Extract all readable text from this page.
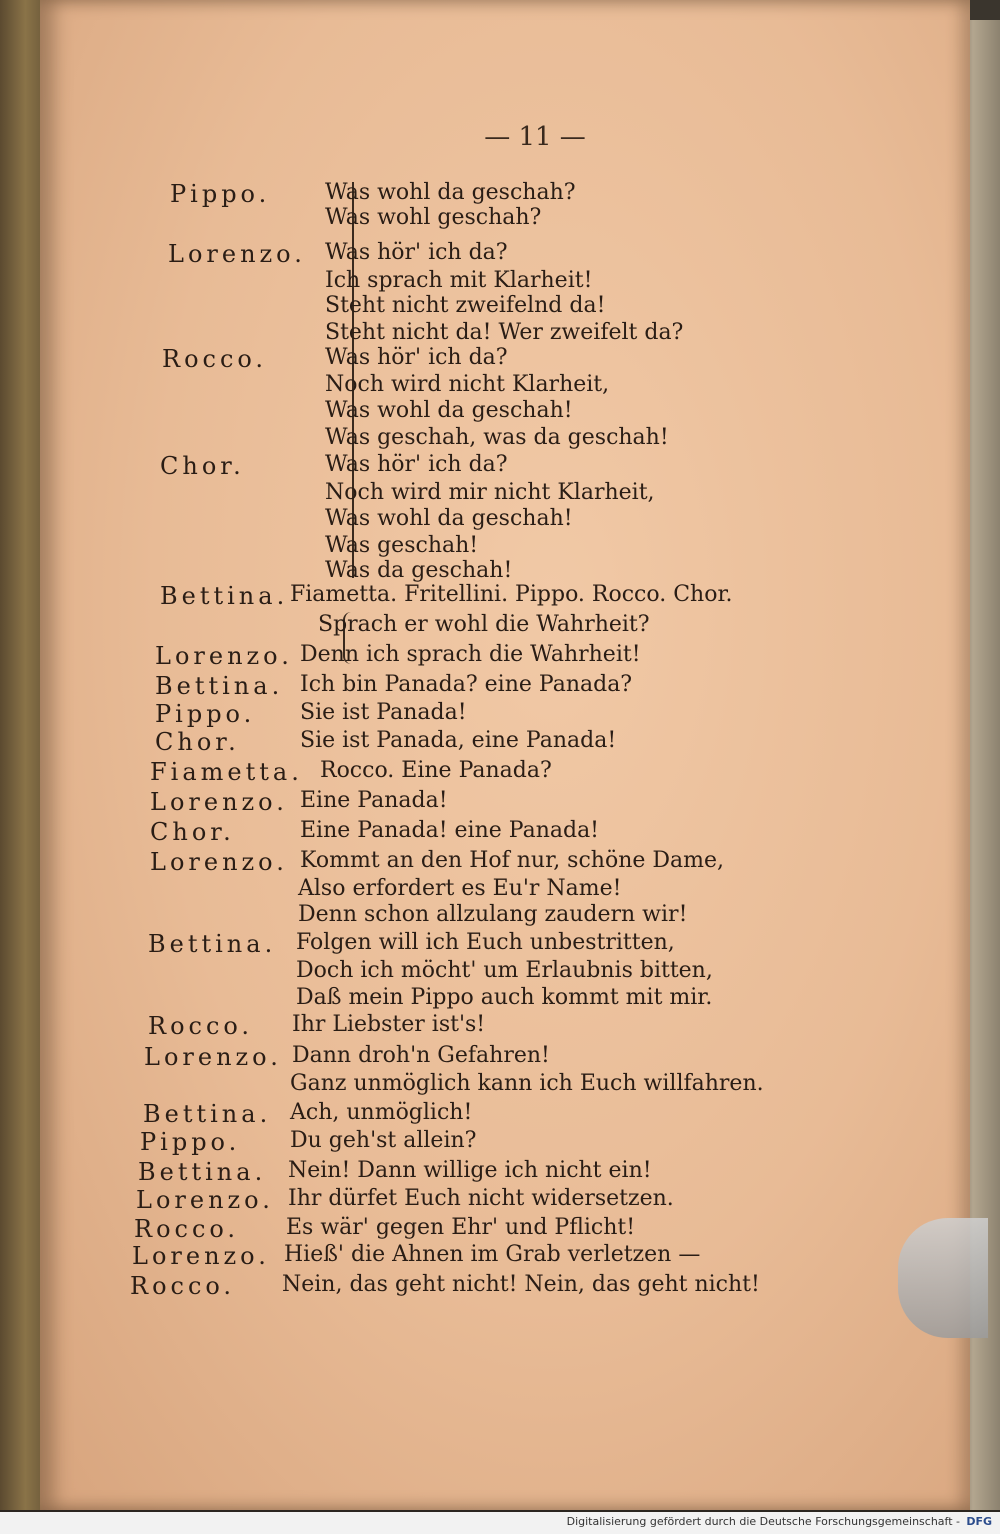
— 11 —
Pippo. Was wohl da geschah?
Was wohl geschah?
Lorenzo. Was hör' ich da?
Ich sprach mit Klarheit!
Steht nicht zweifelnd da!
Steht nicht da! Wer zweifelt da?
Rocco.	Was hör' ich da?
Noch wird nicht Klarheit,
Was wohl da geschah!
Was geschah, was da geschah!
Chor.	Was hör' ich da?
Noch wird mir nicht Klarheit,
Was wohl da geschah!
Was geschah!
Was da geschah!
Bettina. Fiametta. Fritellini. Pippo. Rocco. Chor.
Sprach er wohl die Wahrheit?
Lorenzo. Denn ich sprach die Wahrheit!
Bettina. Ich bin Panada? eine Panada?
Pippo. Sie ist Panada!
Chor.	Sie ist Panada, eine Panada!
Fiametta. Rocco. Eine Panada?
Lorenzo. Eine Panada!
Chor.	Eine Panada! eine Panada!
Lorenzo. Kommt an den Hof nur, schöne Dame,
Also erfordert es Eu'r Name!
Denn schon allzulang zaudern wir!
Bettina. Folgen will ich Euch unbestritten,
Doch ich möcht' um Erlaubnis bitten,
Daß mein Pippo auch kommt mit mir.
Rocco. Ihr Liebster ist's!
Lorenzo. Dann droh'n Gefahren!
Ganz unmöglich kann ich Euch willfahren.
Bettina. Ach, unmöglich!
Pippo. Du geh'st allein?
Bettina. Nein! Dann willige ich nicht ein!
Lorenzo. Ihr dürfet Euch nicht widersetzen.
Rocco. Es wär' gegen Ehr' und Pflicht!
Lorenzo. Hieß' die Ahnen im Grab verletzen —
Rocco. Nein, das geht nicht! Nein, das geht nicht!
Digitalisierung gefördert durch die Deutsche Forschungsgemeinschaft - DFG
